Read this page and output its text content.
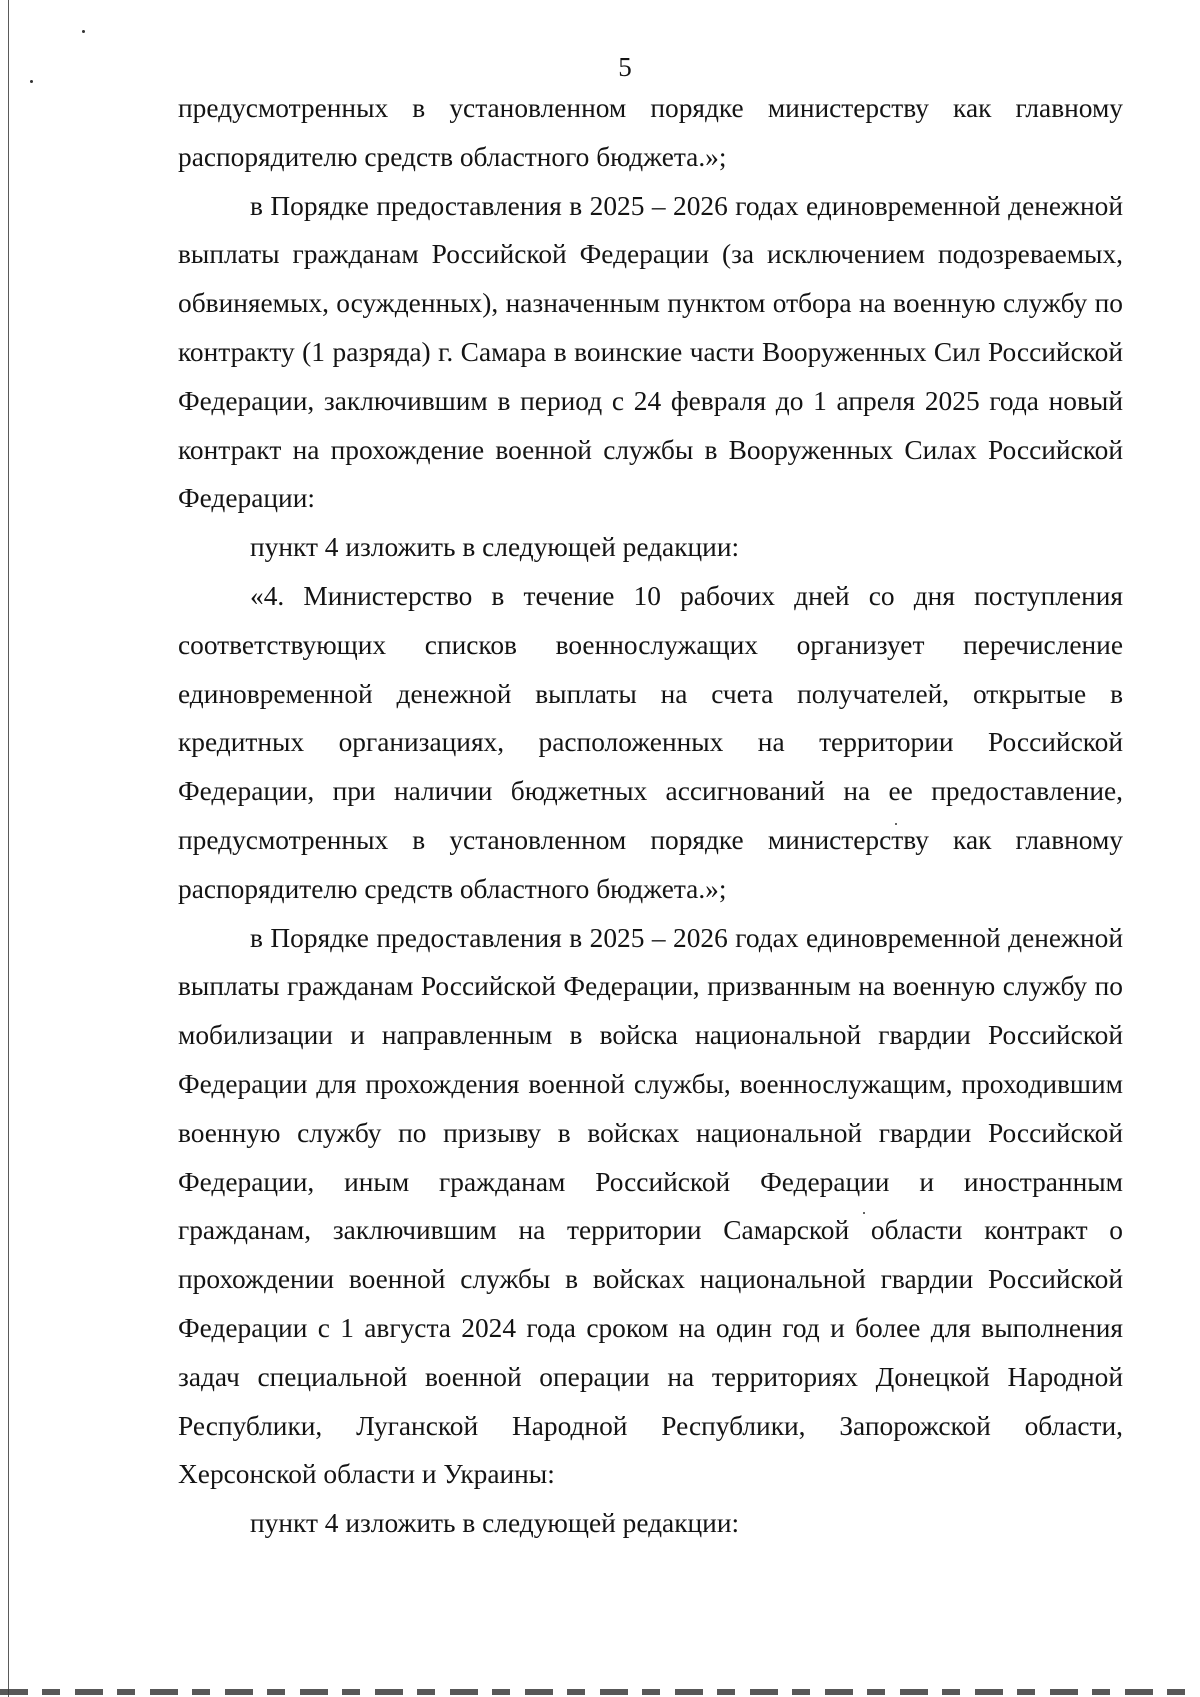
5

предусмотренных в установленном порядке министерству как главному распорядителю средств областного бюджета.»;

в Порядке предоставления в 2025 – 2026 годах единовременной денежной выплаты гражданам Российской Федерации (за исключением подозреваемых, обвиняемых, осужденных), назначенным пунктом отбора на военную службу по контракту (1 разряда) г. Самара в воинские части Вооруженных Сил Российской Федерации, заключившим в период с 24 февраля до 1 апреля 2025 года новый контракт на прохождение военной службы в Вооруженных Силах Российской Федерации:

пункт 4 изложить в следующей редакции:

«4. Министерство в течение 10 рабочих дней со дня поступления соответствующих списков военнослужащих организует перечисление единовременной денежной выплаты на счета получателей, открытые в кредитных организациях, расположенных на территории Российской Федерации, при наличии бюджетных ассигнований на ее предоставление, предусмотренных в установленном порядке министерству как главному распорядителю средств областного бюджета.»;

в Порядке предоставления в 2025 – 2026 годах единовременной денежной выплаты гражданам Российской Федерации, призванным на военную службу по мобилизации и направленным в войска национальной гвардии Российской Федерации для прохождения военной службы, военнослужащим, проходившим военную службу по призыву в войсках национальной гвардии Российской Федерации, иным гражданам Российской Федерации и иностранным гражданам, заключившим на территории Самарской области контракт о прохождении военной службы в войсках национальной гвардии Российской Федерации с 1 августа 2024 года сроком на один год и более для выполнения задач специальной военной операции на территориях Донецкой Народной Республики, Луганской Народной Республики, Запорожской области, Херсонской области и Украины:

пункт 4 изложить в следующей редакции:
